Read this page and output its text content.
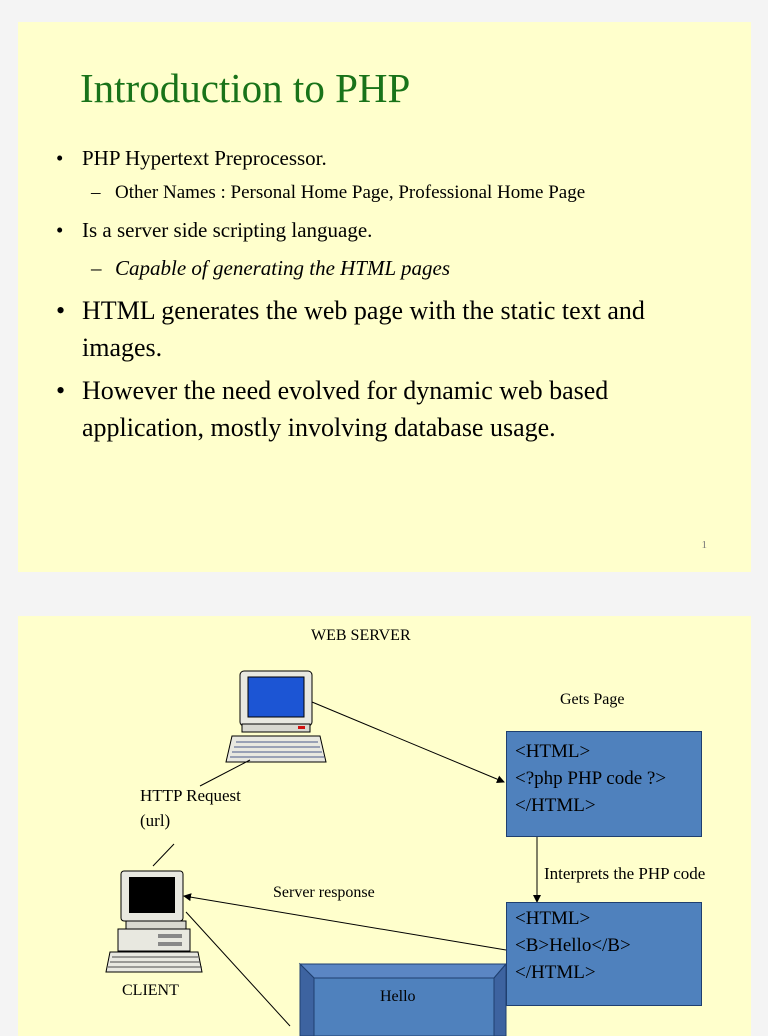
Introduction to PHP
• PHP Hypertext Preprocessor.
– Other Names : Personal Home Page, Professional Home Page
• Is a server side scripting language.
– Capable of generating the HTML pages
• HTML generates the web page with the static text and images.
• However the need evolved for dynamic web based application, mostly involving database usage.
1
WEB SERVER
Gets Page
HTTP Request
(url)
Interprets the PHP code
Server response
CLIENT
<HTML>
<?php PHP code ?>
</HTML>
<HTML>
<B>Hello</B>
</HTML>
Hello
